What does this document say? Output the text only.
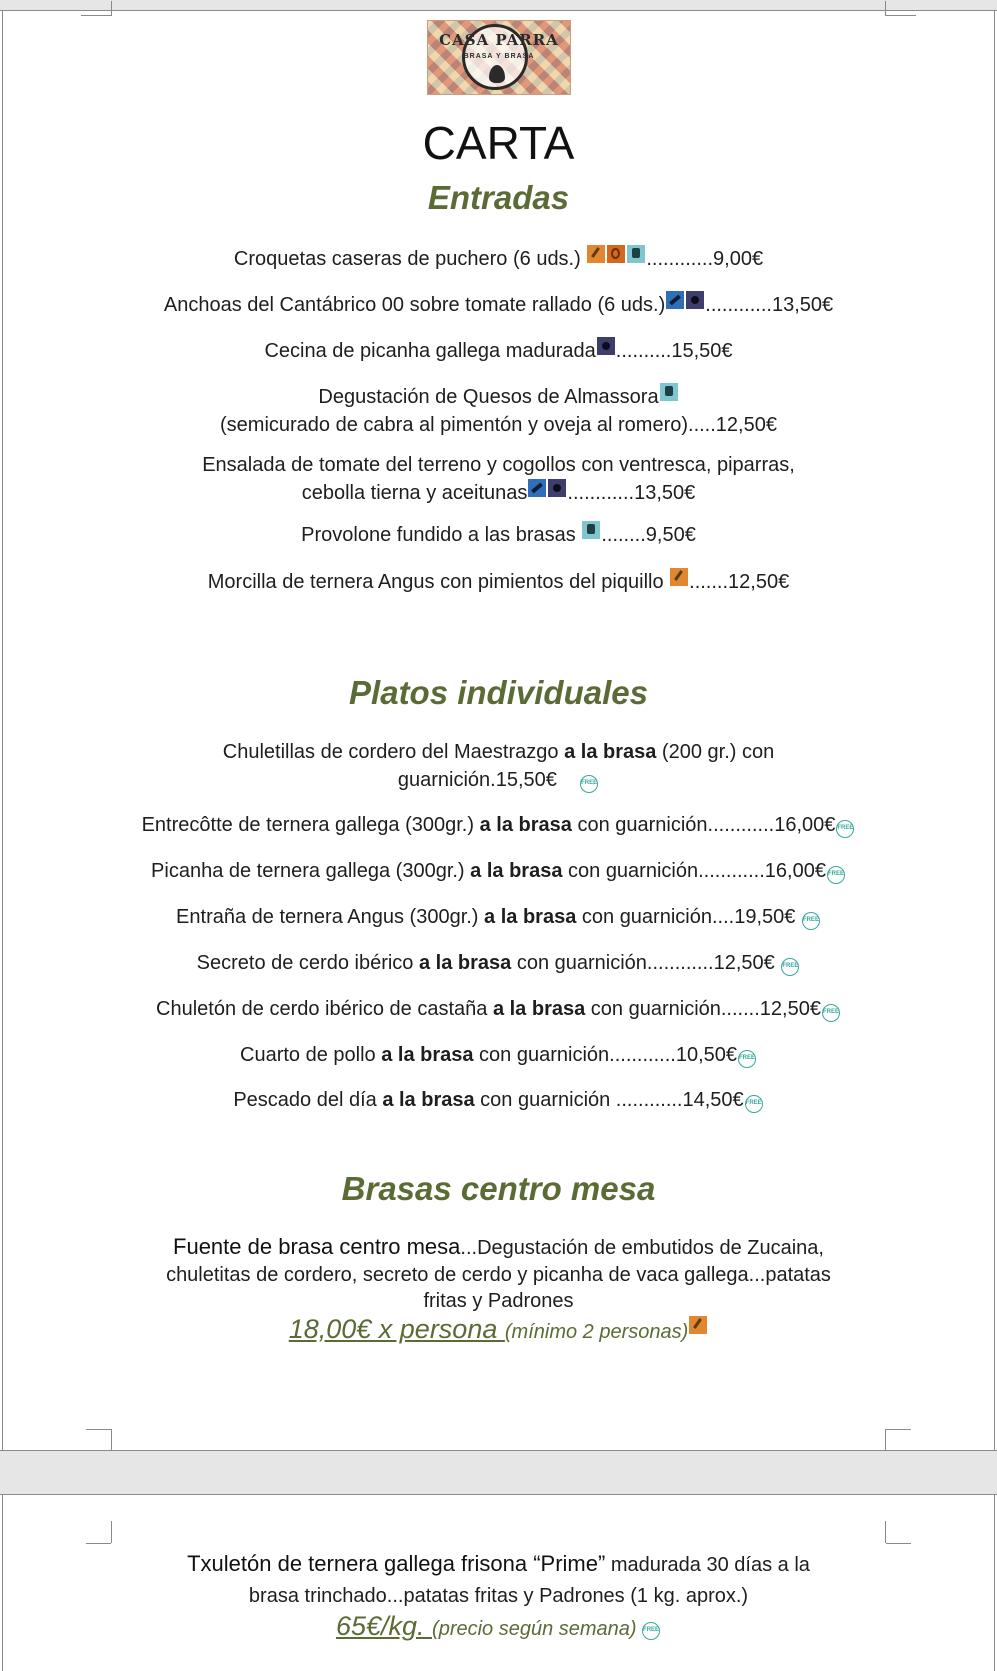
CASA PARRA
BRASA Y BRASA
CARTA
Entradas
Croquetas caseras de puchero (6 uds.)	............9,00€
Anchoas del Cantábrico 00 sobre tomate rallado (6 uds.) ............13,50€
Cecina de picanha gallega madurada ..........15,50€
Degustación de Quesos de Almassora
(semicurado de cabra al pimentón y oveja al romero).....12,50€
Ensalada de tomate del terreno y cogollos con ventresca, piparras,
cebolla tierna y aceitunas ............13,50€
Provolone fundido a las brasas ........9,50€
Morcilla de ternera Angus con pimientos del piquillo .......12,50€
Platos individuales
Chuletillas de cordero del Maestrazgo a la brasa (200 gr.) con
guarnición.15,50€	FREE
Entrecôtte de ternera gallega (300gr.) a la brasa con guarnición............16,00€ FREE
Picanha de ternera gallega (300gr.) a la brasa con guarnición............16,00€ FREE
Entraña de ternera Angus (300gr.) a la brasa con guarnición....19,50€ FREE
Secreto de cerdo ibérico a la brasa con guarnición............12,50€ FREE
Chuletón de cerdo ibérico de castaña a la brasa con guarnición.......12,50€ FREE
Cuarto de pollo a la brasa con guarnición............10,50€ FREE
Pescado del día a la brasa con guarnición ............14,50€ FREE
Brasas centro mesa
Fuente de brasa centro mesa...Degustación de embutidos de Zucaina,
chuletitas de cordero, secreto de cerdo y picanha de vaca gallega...patatas
fritas y Padrones
18,00€ x persona (mínimo 2 personas)
Txuletón de ternera gallega frisona “Prime” madurada 30 días a la
brasa trinchado...patatas fritas y Padrones (1 kg. aprox.)
65€/kg. (precio según semana) FREE
